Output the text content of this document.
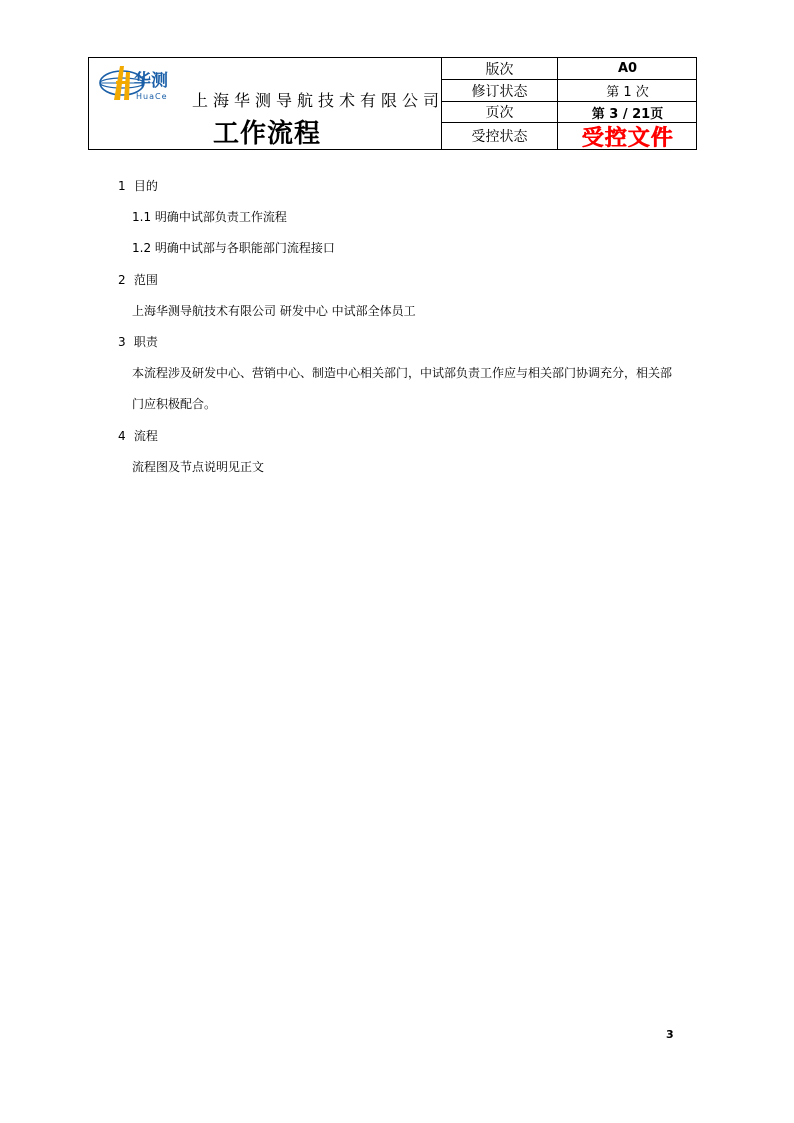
华测
HuaCe 上海华测导航技术有限公司
工作流程
版次	A0
修订状态	第 1 次
页次	第 3 / 21页
受控状态	受控文件
1 目的
1.1 明确中试部负责工作流程
1.2 明确中试部与各职能部门流程接口
2 范围
上海华测导航技术有限公司 研发中心 中试部全体员工
3 职责
本流程涉及研发中心、营销中心、制造中心相关部门，中试部负责工作应与相关部门协调充分，相关部
门应积极配合。
4 流程
流程图及节点说明见正文
3
